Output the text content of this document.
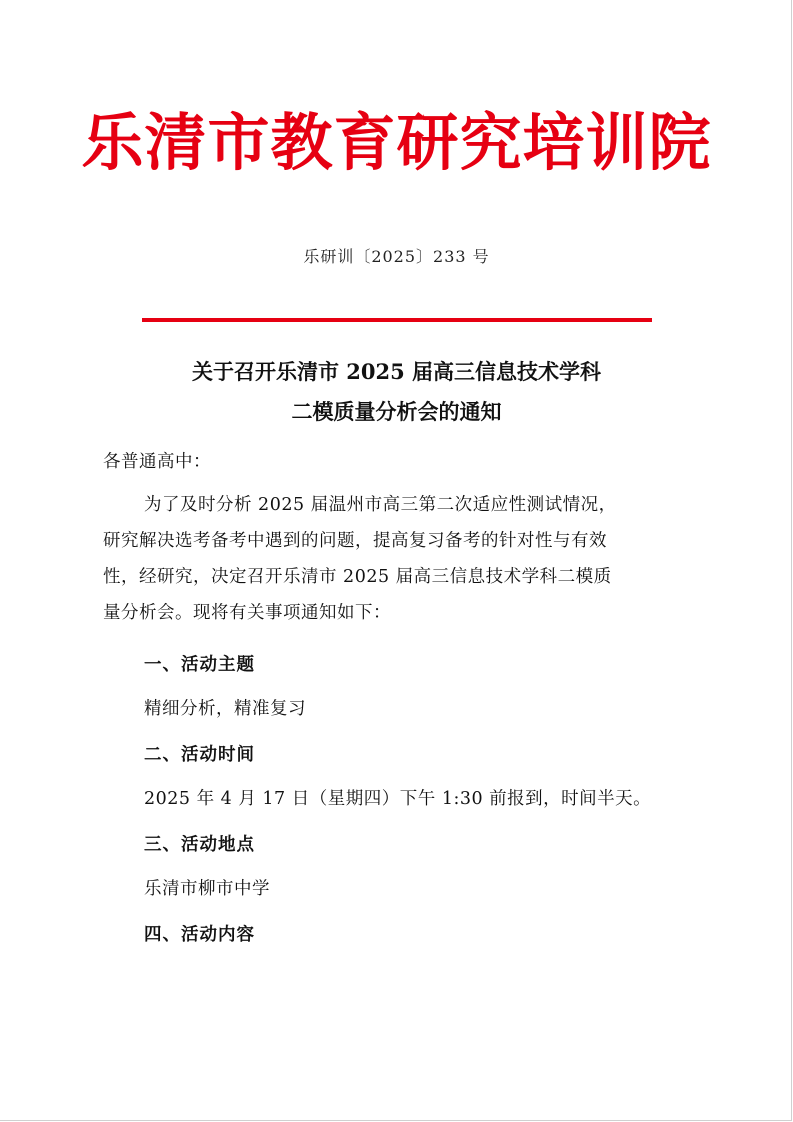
乐清市教育研究培训院
乐研训〔2025〕233 号
关于召开乐清市 2025 届高三信息技术学科
二模质量分析会的通知
各普通高中：
为了及时分析 2025 届温州市高三第二次适应性测试情况，
研究解决选考备考中遇到的问题，提高复习备考的针对性与有效
性，经研究，决定召开乐清市 2025 届高三信息技术学科二模质
量分析会。现将有关事项通知如下：
一、活动主题
精细分析，精准复习
二、活动时间
2025 年 4 月 17 日（星期四）下午 1:30 前报到，时间半天。
三、活动地点
乐清市柳市中学
四、活动内容
